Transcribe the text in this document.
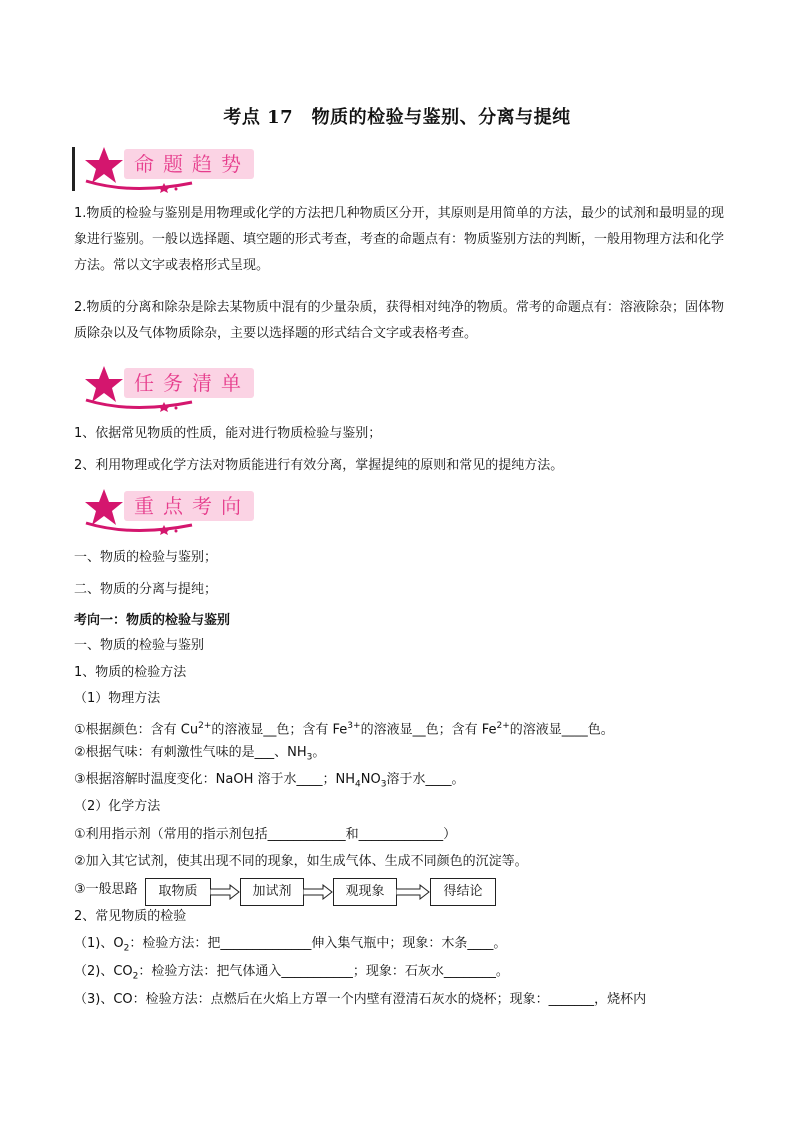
考点 17　物质的检验与鉴别、分离与提纯
命题趋势
1.物质的检验与鉴别是用物理或化学的方法把几种物质区分开，其原则是用简单的方法，最少的试剂和最明显的现象进行鉴别。一般以选择题、填空题的形式考查，考查的命题点有：物质鉴别方法的判断，一般用物理方法和化学方法。常以文字或表格形式呈现。
2.物质的分离和除杂是除去某物质中混有的少量杂质，获得相对纯净的物质。常考的命题点有：溶液除杂；固体物质除杂以及气体物质除杂，主要以选择题的形式结合文字或表格考查。
任务清单
1、依据常见物质的性质，能对进行物质检验与鉴别；
2、利用物理或化学方法对物质能进行有效分离，掌握提纯的原则和常见的提纯方法。
重点考向
一、物质的检验与鉴别；
二、物质的分离与提纯；
考向一：物质的检验与鉴别
一、物质的检验与鉴别
1、物质的检验方法
（1）物理方法
①根据颜色：含有 $Cu^{2+}$的溶液显__色；含有 $Fe^{3+}$的溶液显__色；含有 $Fe^{2+}$的溶液显____色。
②根据气味：有刺激性气味的是___、$NH_3$。
③根据溶解时温度变化：NaOH 溶于水____；$NH_4NO_3$溶于水____。
（2）化学方法
①利用指示剂（常用的指示剂包括____________和_____________）
②加入其它试剂，使其出现不同的现象，如生成气体、生成不同颜色的沉淀等。
③一般思路	取物质	加试剂	观现象	得结论
2、常见物质的检验
（1)、$O_2$：检验方法：把______________伸入集气瓶中；现象：木条____。
（2)、$CO_2$：检验方法：把气体通入___________；现象：石灰水________。
（3)、CO：检验方法：点燃后在火焰上方罩一个内壁有澄清石灰水的烧杯；现象：_______，烧杯内
